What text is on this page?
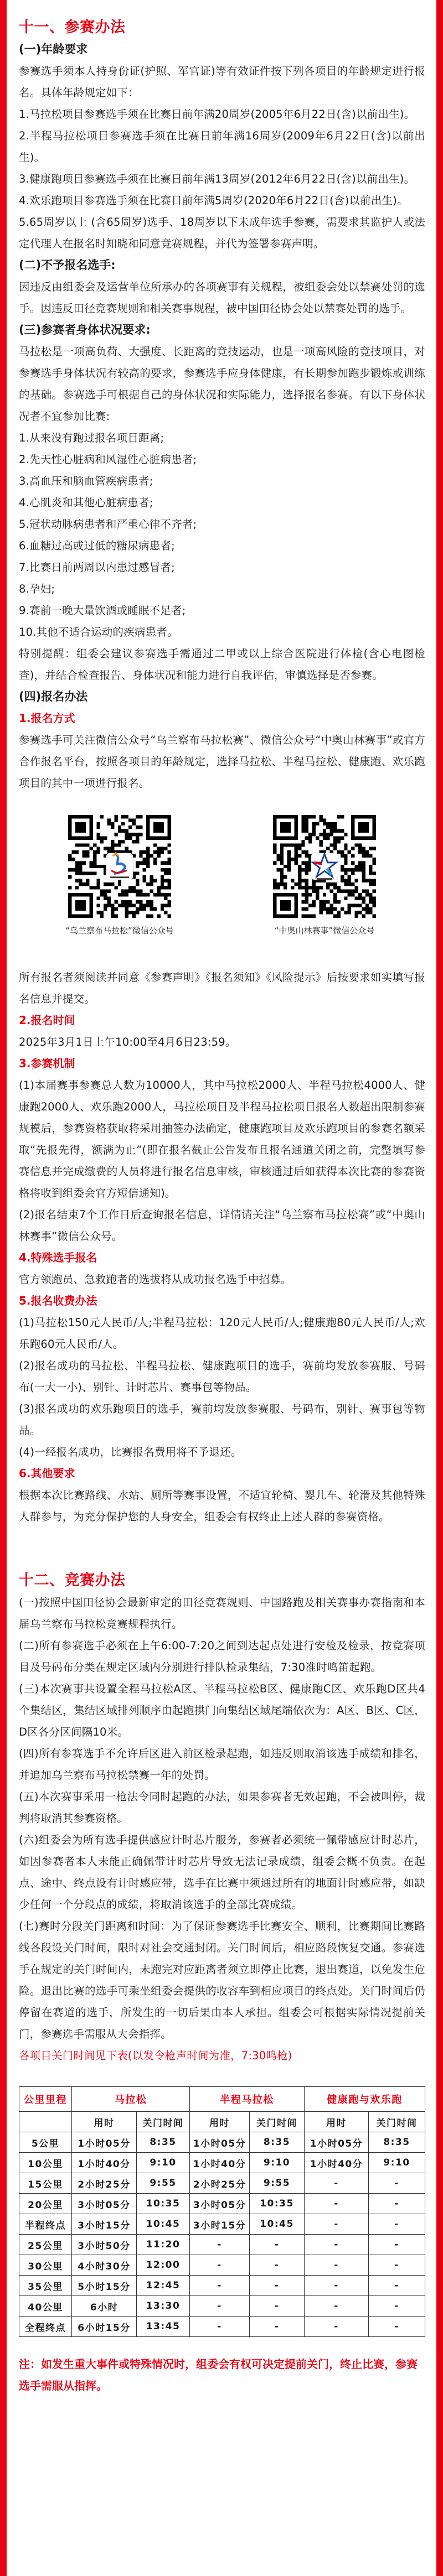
十一、参赛办法
(一)年龄要求

参赛选手须本人持身份证(护照、军官证)等有效证件按下列各项目的年龄规定进行报名。具体年龄规定如下：

1.马拉松项目参赛选手须在比赛日前年满20周岁(2005年6月22日(含)以前出生)。

2.半程马拉松项目参赛选手须在比赛日前年满16周岁(2009年6月22日(含)以前出生)。

3.健康跑项目参赛选手须在比赛日前年满13周岁(2012年6月22日(含)以前出生)。

4.欢乐跑项目参赛选手须在比赛日前年满5周岁(2020年6月22日(含)以前出生)。

5.65周岁以上 (含65周岁)选手、18周岁以下未成年选手参赛，需要求其监护人或法定代理人在报名时知晓和同意竞赛规程，并代为签署参赛声明。

(二)不予报名选手:

因违反由组委会及运营单位所承办的各项赛事有关规程，被组委会处以禁赛处罚的选手。因违反田径竞赛规则和相关赛事规程，被中国田径协会处以禁赛处罚的选手。

(三)参赛者身体状况要求:

马拉松是一项高负荷、大强度、长距离的竞技运动，也是一项高风险的竞技项目，对参赛选手身体状况有较高的要求，参赛选手应身体健康，有长期参加跑步锻炼或训练的基础。参赛选手可根据自己的身体状况和实际能力，选择报名参赛。有以下身体状况者不宜参加比赛:

1.从来没有跑过报名项目距离;

2.先天性心脏病和风湿性心脏病患者;

3.高血压和脑血管疾病患者;

4.心肌炎和其他心脏病患者;

5.冠状动脉病患者和严重心律不齐者;

6.血糖过高或过低的糖尿病患者;

7.比赛日前两周以内患过感冒者;

8.孕妇;

9.赛前一晚大量饮酒或睡眠不足者;

10.其他不适合运动的疾病患者。

特别提醒：组委会建议参赛选手需通过二甲或以上综合医院进行体检(含心电图检查)，并结合检查报告、身体状况和能力进行自我评估，审慎选择是否参赛。

(四)报名办法
1.报名方式

参赛选手可关注微信公众号“乌兰察布马拉松赛”、微信公众号“中奥山林赛事”或官方合作报名平台，按照各项目的年龄规定，选择马拉松、半程马拉松、健康跑、欢乐跑项目的其中一项进行报名。

“乌兰察布马拉松”微信公众号	“中奥山林赛事”微信公众号

所有报名者须阅读并同意《参赛声明》《报名须知》《风险提示》后按要求如实填写报名信息并提交。

2.报名时间

2025年3月1日上午10:00至4月6日23:59。

3.参赛机制

(1)本届赛事参赛总人数为10000人，其中马拉松2000人、半程马拉松4000人、健康跑2000人、欢乐跑2000人，马拉松项目及半程马拉松项目报名人数超出限制参赛规模后，参赛资格获取将采用抽签办法确定，健康跑项目及欢乐跑项目的参赛名额采取“先报先得，额满为止”(即在报名截止公告发布且报名通道关闭之前，完整填写参赛信息并完成缴费的人员将进行报名信息审核，审核通过后如获得本次比赛的参赛资格将收到组委会官方短信通知)。

(2)报名结束7个工作日后查询报名信息，详情请关注“乌兰察布马拉松赛”或“中奥山林赛事”微信公众号。

4.特殊选手报名

官方领跑员、急救跑者的选拔将从成功报名选手中招募。

5.报名收费办法

(1)马拉松150元人民币/人;半程马拉松：120元人民币/人;健康跑80元人民币/人;欢乐跑60元人民币/人。

(2)报名成功的马拉松、半程马拉松、健康跑项目的选手，赛前均发放参赛服、号码布(一大一小)、别针、计时芯片、赛事包等物品。

(3)报名成功的欢乐跑项目的选手，赛前均发放参赛服、号码布，别针、赛事包等物品。

(4)一经报名成功，比赛报名费用将不予退还。

6.其他要求

根据本次比赛路线、水站、厕所等赛事设置，不适宜轮椅、婴儿车、轮滑及其他特殊人群参与，为充分保护您的人身安全，组委会有权终止上述人群的参赛资格。

十二、竞赛办法

(一)按照中国田径协会最新审定的田径竞赛规则、中国路跑及相关赛事办赛指南和本届乌兰察布马拉松竞赛规程执行。

(二)所有参赛选手必须在上午6:00-7:20之间到达起点处进行安检及检录，按竞赛项目及号码布分类在规定区域内分别进行排队检录集结，7:30准时鸣笛起跑。

(三)本次赛事共设置全程马拉松A区、半程马拉松B区、健康跑C区、欢乐跑D区共4个集结区，集结区域排列顺序由起跑拱门向集结区域尾端依次为：A区、B区、C区，D区各分区间隔10米。

(四)所有参赛选手不允许后区进入前区检录起跑，如违反则取消该选手成绩和排名，并追加乌兰察布马拉松禁赛一年的处罚。

(五)本次赛事采用一枪法令同时起跑的办法，如果参赛者无效起跑，不会被叫停，裁判将取消其参赛资格。

(六)组委会为所有选手提供感应计时芯片服务，参赛者必须统一佩带感应计时芯片，如因参赛者本人未能正确佩带计时芯片导致无法记录成绩，组委会概不负责。在起点、途中、终点设有计时感应带，选手在比赛中须通过所有的地面计时感应带，如缺少任何一个分段点的成绩，将取消该选手的全部比赛成绩。

(七)赛时分段关门距离和时间：为了保证参赛选手比赛安全、顺利，比赛期间比赛路线各段设关门时间，限时对社会交通封闭。关门时间后，相应路段恢复交通。参赛选手在规定的关门时间内，未跑完对应距离者须立即停止比赛，退出赛道，以免发生危险。退出比赛的选手可乘坐组委会提供的收容车到相应项目的终点处。关门时间后仍停留在赛道的选手，所发生的一切后果由本人承担。组委会可根据实际情况提前关门，参赛选手需服从大会指挥。

各项目关门时间见下表(以发令枪声时间为准，7:30鸣枪)

公里里程	马拉松		半程马拉松		健康跑与欢乐跑	
	用时	关门时间	用时	关门时间	用时	关门时间
5公里	1小时05分	8:35	1小时05分	8:35	1小时05分	8:35
10公里	1小时40分	9:10	1小时40分	9:10	1小时40分	9:10
15公里	2小时25分	9:55	2小时25分	9:55	-	-
20公里	3小时05分	10:35	3小时05分	10:35	-	-
半程终点	3小时15分	10:45	3小时15分	10:45	-	-
25公里	3小时50分	11:20	-	-	-	-
30公里	4小时30分	12:00	-	-	-	-
35公里	5小时15分	12:45	-	-	-	-
40公里	6小时	13:30	-	-	-	-
全程终点	6小时15分	13:45	-	-	-	-

注：如发生重大事件或特殊情况时，组委会有权可决定提前关门，终止比赛，参赛选手需服从指挥。
